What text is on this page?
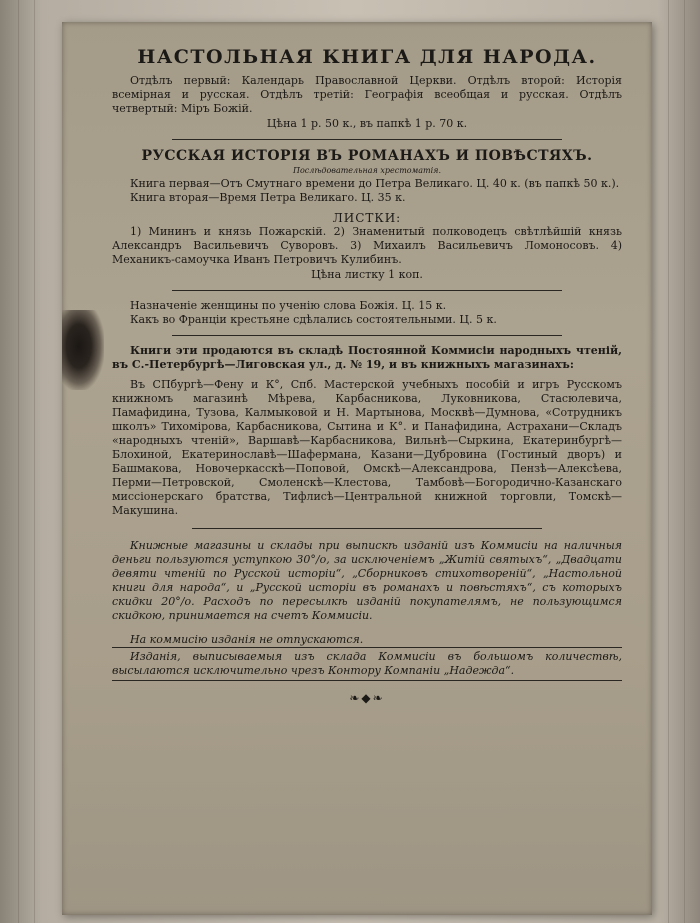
НАСТОЛЬНАЯ КНИГА ДЛЯ НАРОДА.

Отдѣлъ первый: Календарь Православной Церкви. Отдѣлъ второй: Исторія всемірная и русская. Отдѣлъ третій: Географія всеобщая и русская. Отдѣлъ четвертый: Міръ Божій.

Цѣна 1 р. 50 к., въ папкѣ 1 р. 70 к.
РУССКАЯ ИСТОРІЯ ВЪ РОМАНАХЪ И ПОВѢСТЯХЪ.
Послѣдовательная хрестоматія.

Книга первая—Отъ Смутнаго времени до Петра Великаго. Ц. 40 к. (въ папкѣ 50 к.).

Книга вторая—Время Петра Великаго. Ц. 35 к.

ЛИСТКИ:

1) Мининъ и князь Пожарскій. 2) Знаменитый полководецъ свѣтлѣйшій князь Александръ Васильевичъ Суворовъ. 3) Михаилъ Васильевичъ Ломоносовъ. 4) Механикъ-самоучка Иванъ Петровичъ Кулибинъ.

Цѣна листку 1 коп.

Назначеніе женщины по ученію слова Божія. Ц. 15 к.

Какъ во Франціи крестьяне сдѣлались состоятельными. Ц. 5 к.

Книги эти продаются въ складѣ Постоянной Коммисіи народныхъ чтеній, въ С.-Петербургѣ—Лиговская ул., д. № 19, и въ книжныхъ магазинахъ:

Въ СПбургѣ—Фену и К°, Спб. Мастерской учебныхъ пособій и игръ Русскомъ книжномъ магазинѣ Мѣрева, Карбасникова, Луковникова, Стасюлевича, Памафидина, Тузова, Калмыковой и Н. Мартынова, Москвѣ—Думнова, «Сотрудникъ школъ» Тихомірова, Карбасникова, Сытина и К°. и Панафидина, Астрахани—Складъ «народныхъ чтеній», Варшавѣ—Карбасникова, Вильнѣ—Сыркина, Екатеринбургѣ—Блохиной, Екатеринославѣ—Шафермана, Казани—Дубровина (Гостиный дворъ) и Башмакова, Новочеркасскѣ—Поповой, Омскѣ—Александрова, Пензѣ—Алексѣева, Перми—Петровской, Смоленскѣ—Клестова, Тамбовѣ—Богородично-Казанскаго миссіонерскаго братства, Тифлисѣ—Центральной книжной торговли, Томскѣ—Макушина.

Книжные магазины и склады при выпискѣ изданій изъ Коммисіи на наличныя деньги пользуются уступкою 30°/о, за исключеніемъ „Житій святыхъ“, „Двадцати девяти чтеній по Русской исторіи“, „Сборниковъ стихотвореній“, „Настольной книги для народа“, и „Русской исторіи въ романахъ и повѣстяхъ“, съ которыхъ скидки 20°/о. Расходъ по пересылкѣ изданій покупателямъ, не пользующимся скидкою, принимается на счетъ Коммисіи.

На коммисію изданія не отпускаются.

Изданія, выписываемыя изъ склада Коммисіи въ большомъ количествѣ, высылаются исключительно чрезъ Контору Компаніи „Надежда“.

❧◆❧
